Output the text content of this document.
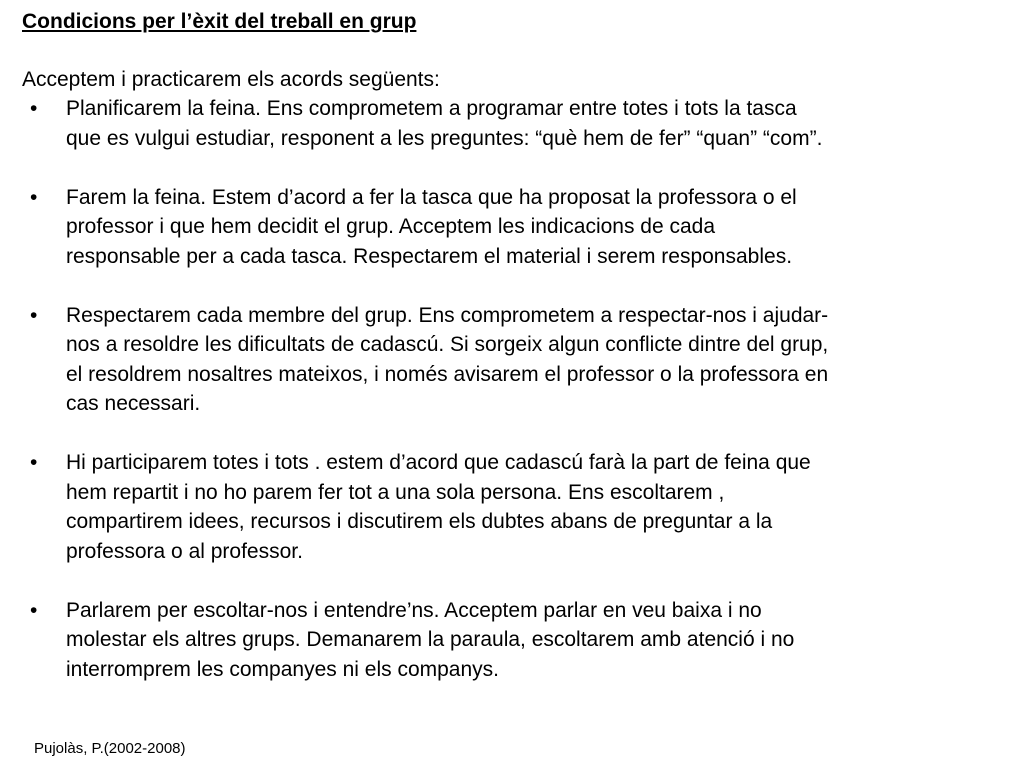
Condicions per l’èxit del treball en grup
Acceptem i practicarem els acords següents:
• Planificarem la feina. Ens comprometem a programar entre totes i tots la tasca
que es vulgui estudiar, responent a les preguntes: “què hem de fer” “quan” “com”.
• Farem la feina. Estem d’acord a fer la tasca que ha proposat la professora o el
professor i que hem decidit el grup. Acceptem les indicacions de cada
responsable per a cada tasca. Respectarem el material i serem responsables.
• Respectarem cada membre del grup. Ens comprometem a respectar-nos i ajudar-
nos a resoldre les dificultats de cadascú. Si sorgeix algun conflicte dintre del grup,
el resoldrem nosaltres mateixos, i només avisarem el professor o la professora en
cas necessari.
• Hi participarem totes i tots . estem d’acord que cadascú farà la part de feina que
hem repartit i no ho parem fer tot a una sola persona. Ens escoltarem ,
compartirem idees, recursos i discutirem els dubtes abans de preguntar a la
professora o al professor.
• Parlarem per escoltar-nos i entendre’ns. Acceptem parlar en veu baixa i no
molestar els altres grups. Demanarem la paraula, escoltarem amb atenció i no
interromprem les companyes ni els companys.
Pujolàs, P.(2002-2008)
